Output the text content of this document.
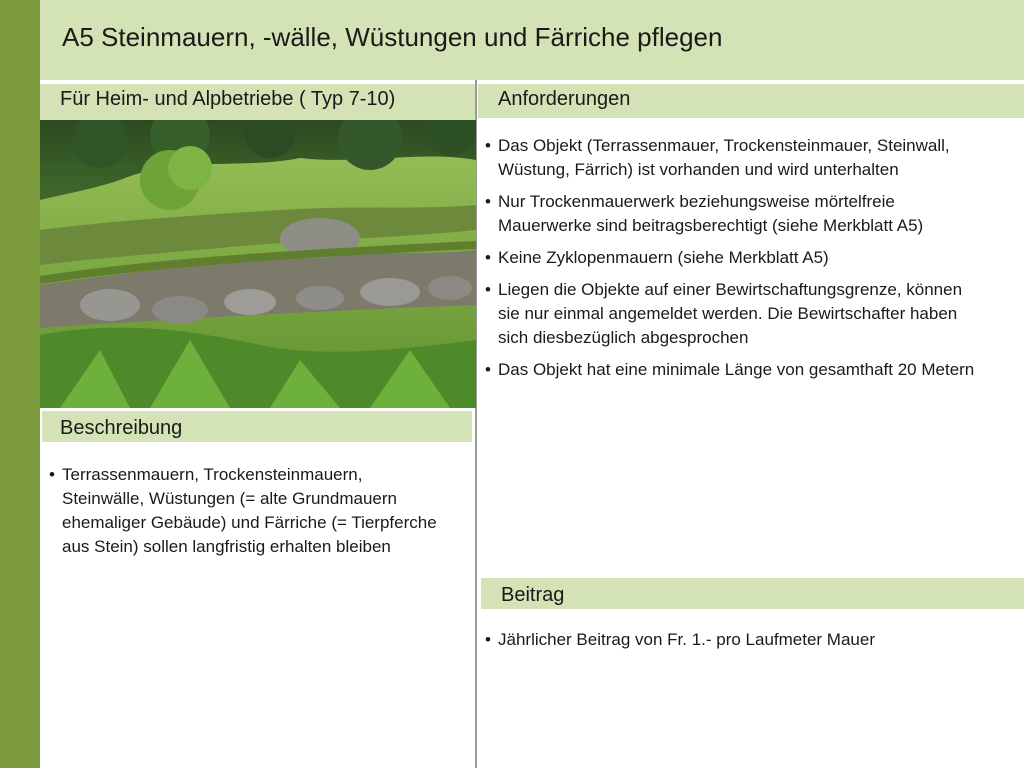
A5 Steinmauern, -wälle, Wüstungen und Färriche pflegen
Für Heim- und Alpbetriebe ( Typ 7-10)	Anforderungen
• Das Objekt (Terrassenmauer, Trockensteinmauer, Steinwall, Wüstung, Färrich) ist vorhanden und wird unterhalten
• Nur Trockenmauerwerk beziehungsweise mörtelfreie Mauerwerke sind beitragsberechtigt (siehe Merkblatt A5)
• Keine Zyklopenmauern (siehe Merkblatt A5)
• Liegen die Objekte auf einer Bewirtschaftungsgrenze, können sie nur einmal angemeldet werden. Die Bewirtschafter haben sich diesbezüglich abgesprochen
• Das Objekt hat eine minimale Länge von gesamthaft 20 Metern
Beschreibung
• Terrassenmauern, Trockensteinmauern, Steinwälle, Wüstungen (= alte Grundmauern ehemaliger Gebäude) und Färriche (= Tierpferche aus Stein) sollen langfristig erhalten bleiben
Beitrag
• Jährlicher Beitrag von Fr. 1.- pro Laufmeter Mauer
